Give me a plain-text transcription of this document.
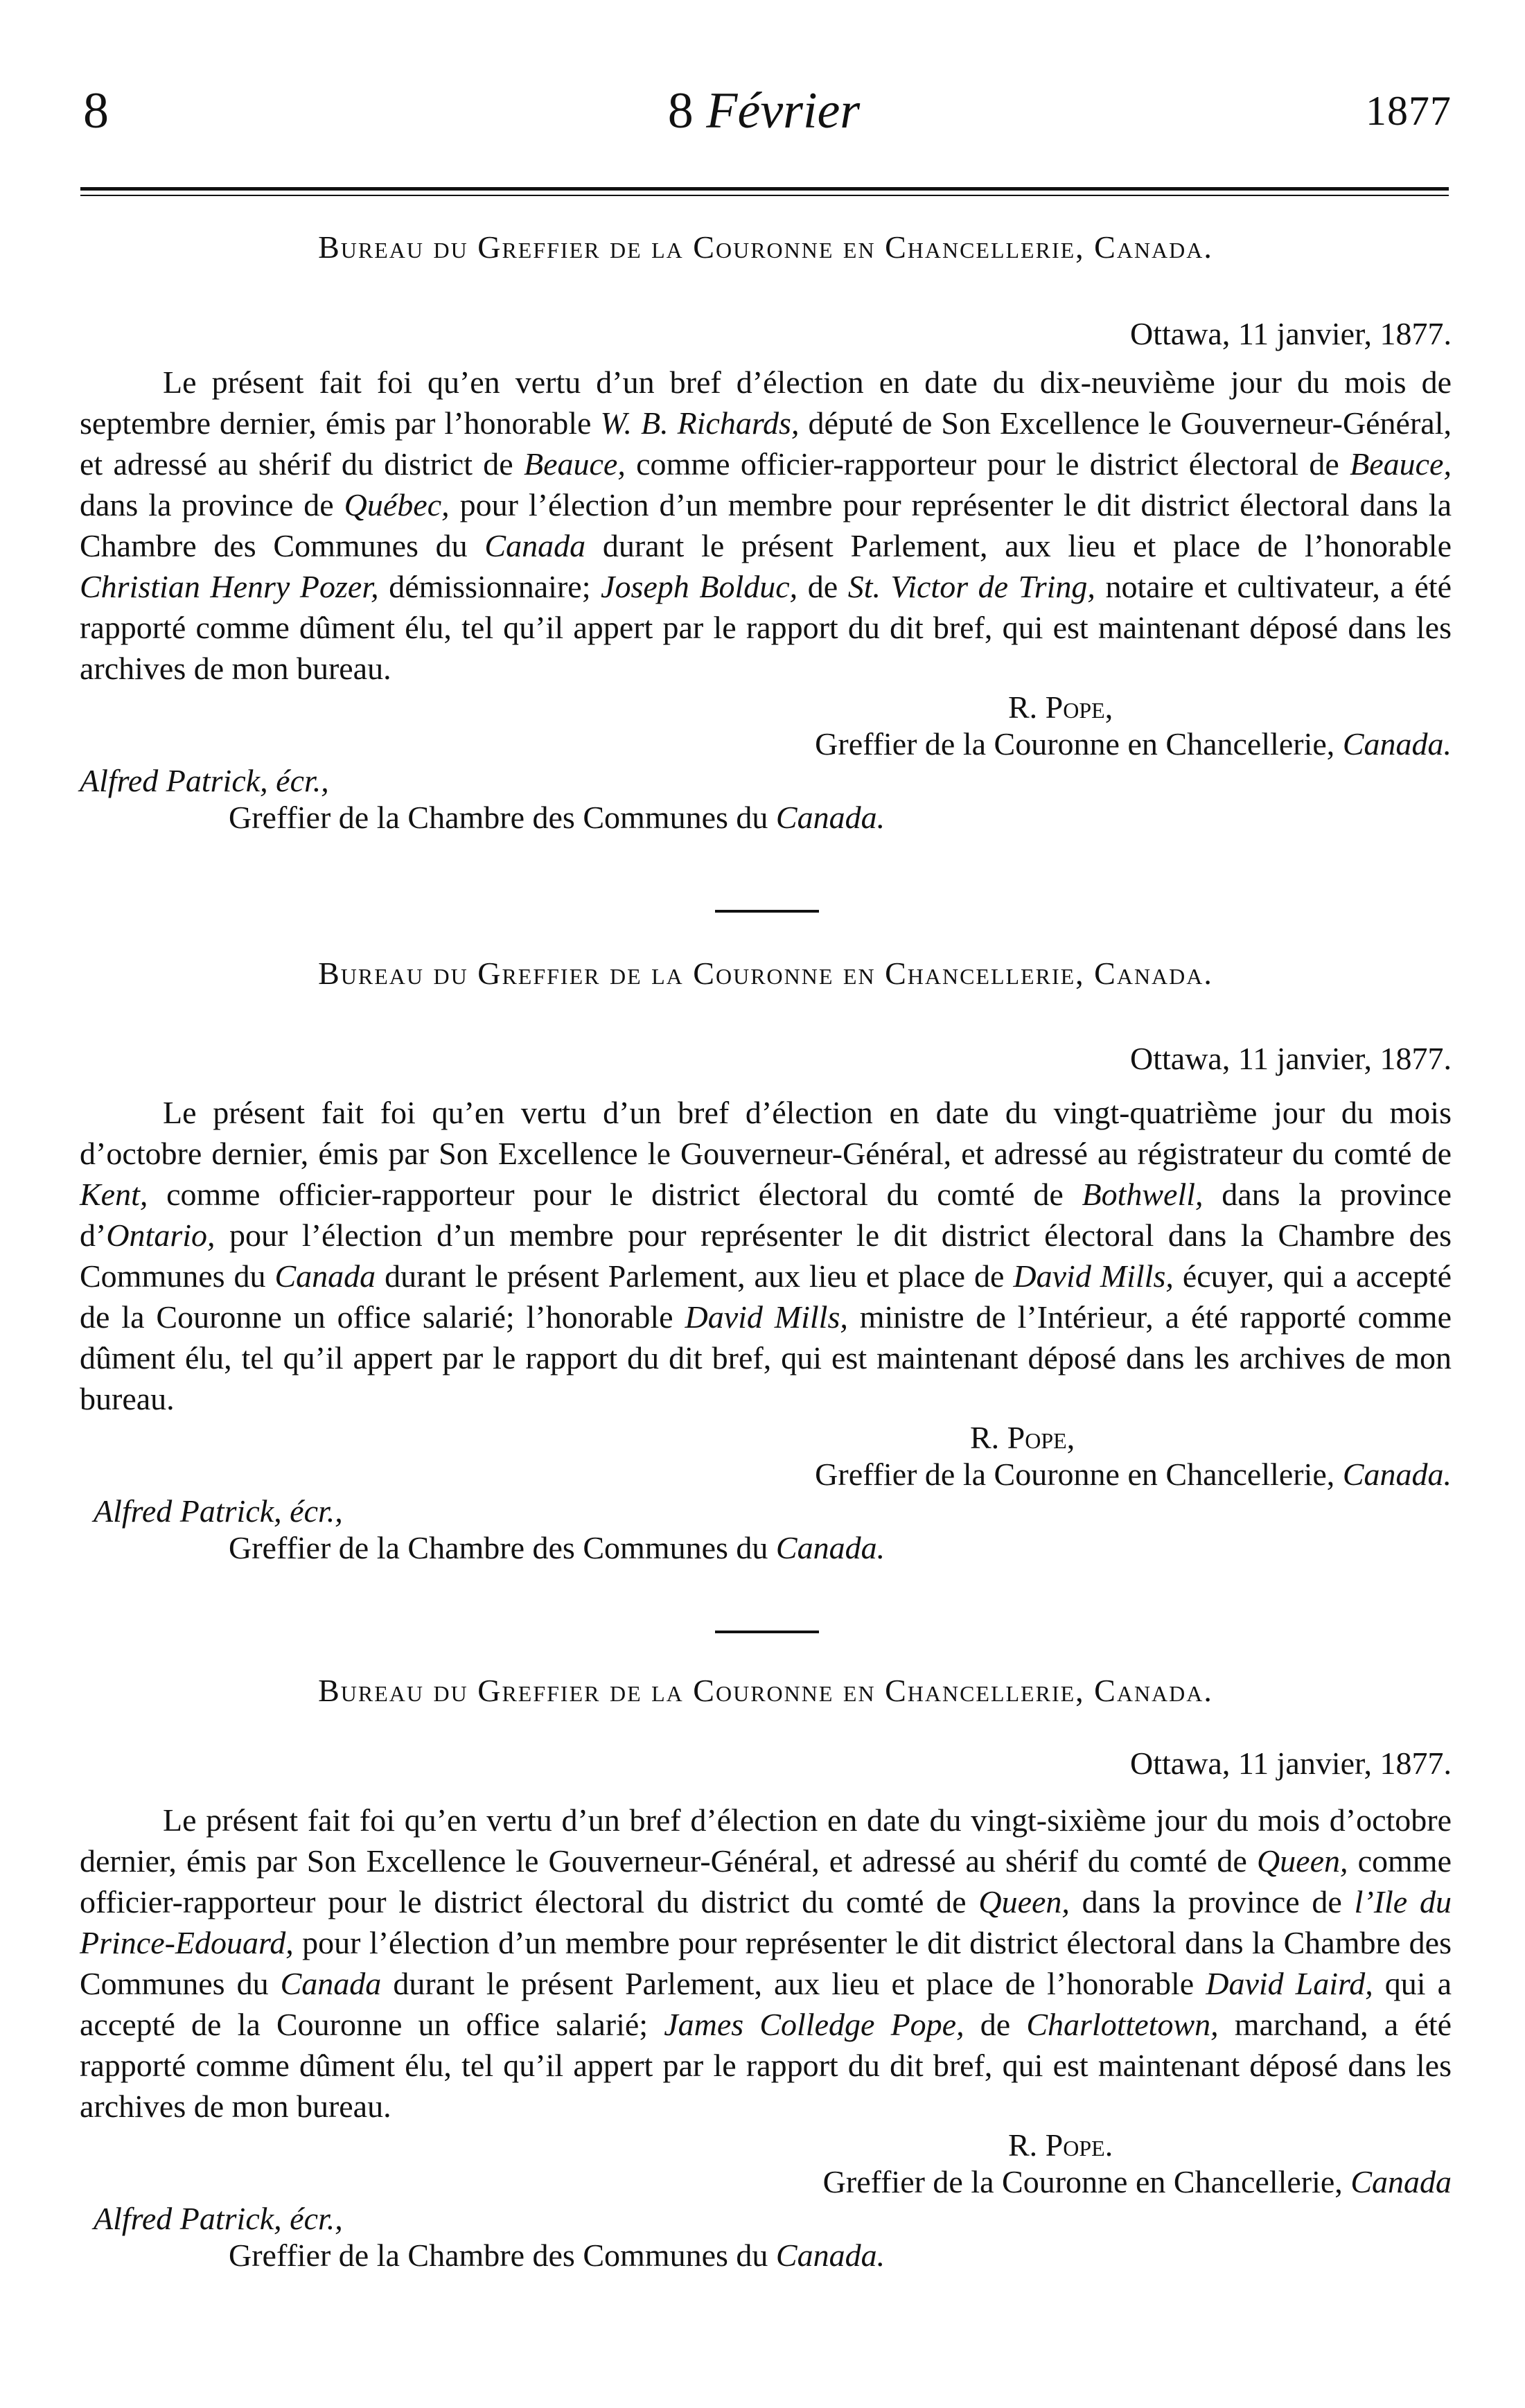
8	8 Février	1877

Bureau du Greffier de la Couronne en Chancellerie, Canada.

Ottawa, 11 janvier, 1877.

Le présent fait foi qu’en vertu d’un bref d’élection en date du dix-neuvième jour du mois de septembre dernier, émis par l’honorable W. B. Richards, député de Son Excellence le Gouverneur-Général, et adressé au shérif du district de Beauce, comme officier-rapporteur pour le district électoral de Beauce, dans la province de Québec, pour l’élection d’un membre pour représenter le dit district électoral dans la Chambre des Communes du Canada durant le présent Parlement, aux lieu et place de l’honorable Christian Henry Pozer, démissionnaire; Joseph Bolduc, de St. Victor de Tring, notaire et cultivateur, a été rapporté comme dûment élu, tel qu’il appert par le rapport du dit bref, qui est maintenant déposé dans les archives de mon bureau.

R. Pope,

Greffier de la Couronne en Chancellerie, Canada.

Alfred Patrick, écr.,

Greffier de la Chambre des Communes du Canada.

Bureau du Greffier de la Couronne en Chancellerie, Canada.

Ottawa, 11 janvier, 1877.

Le présent fait foi qu’en vertu d’un bref d’élection en date du vingt-quatrième jour du mois d’octobre dernier, émis par Son Excellence le Gouverneur-Général, et adressé au régistrateur du comté de Kent, comme officier-rapporteur pour le district électoral du comté de Bothwell, dans la province d’Ontario, pour l’élection d’un membre pour représenter le dit district électoral dans la Chambre des Communes du Canada durant le présent Parlement, aux lieu et place de David Mills, écuyer, qui a accepté de la Couronne un office salarié; l’honorable David Mills, ministre de l’Intérieur, a été rapporté comme dûment élu, tel qu’il appert par le rapport du dit bref, qui est maintenant déposé dans les archives de mon bureau.

R. Pope,

Greffier de la Couronne en Chancellerie, Canada.

Alfred Patrick, écr.,

Greffier de la Chambre des Communes du Canada.

Bureau du Greffier de la Couronne en Chancellerie, Canada.

Ottawa, 11 janvier, 1877.

Le présent fait foi qu’en vertu d’un bref d’élection en date du vingt-sixième jour du mois d’octobre dernier, émis par Son Excellence le Gouverneur-Général, et adressé au shérif du comté de Queen, comme officier-rapporteur pour le district électoral du district du comté de Queen, dans la province de l’Ile du Prince-Edouard, pour l’élection d’un membre pour représenter le dit district électoral dans la Chambre des Communes du Canada durant le présent Parlement, aux lieu et place de l’honorable David Laird, qui a accepté de la Couronne un office salarié; James Colledge Pope, de Charlottetown, marchand, a été rapporté comme dûment élu, tel qu’il appert par le rapport du dit bref, qui est maintenant déposé dans les archives de mon bureau.

R. Pope.

Greffier de la Couronne en Chancellerie, Canada

Alfred Patrick, écr.,

Greffier de la Chambre des Communes du Canada.
